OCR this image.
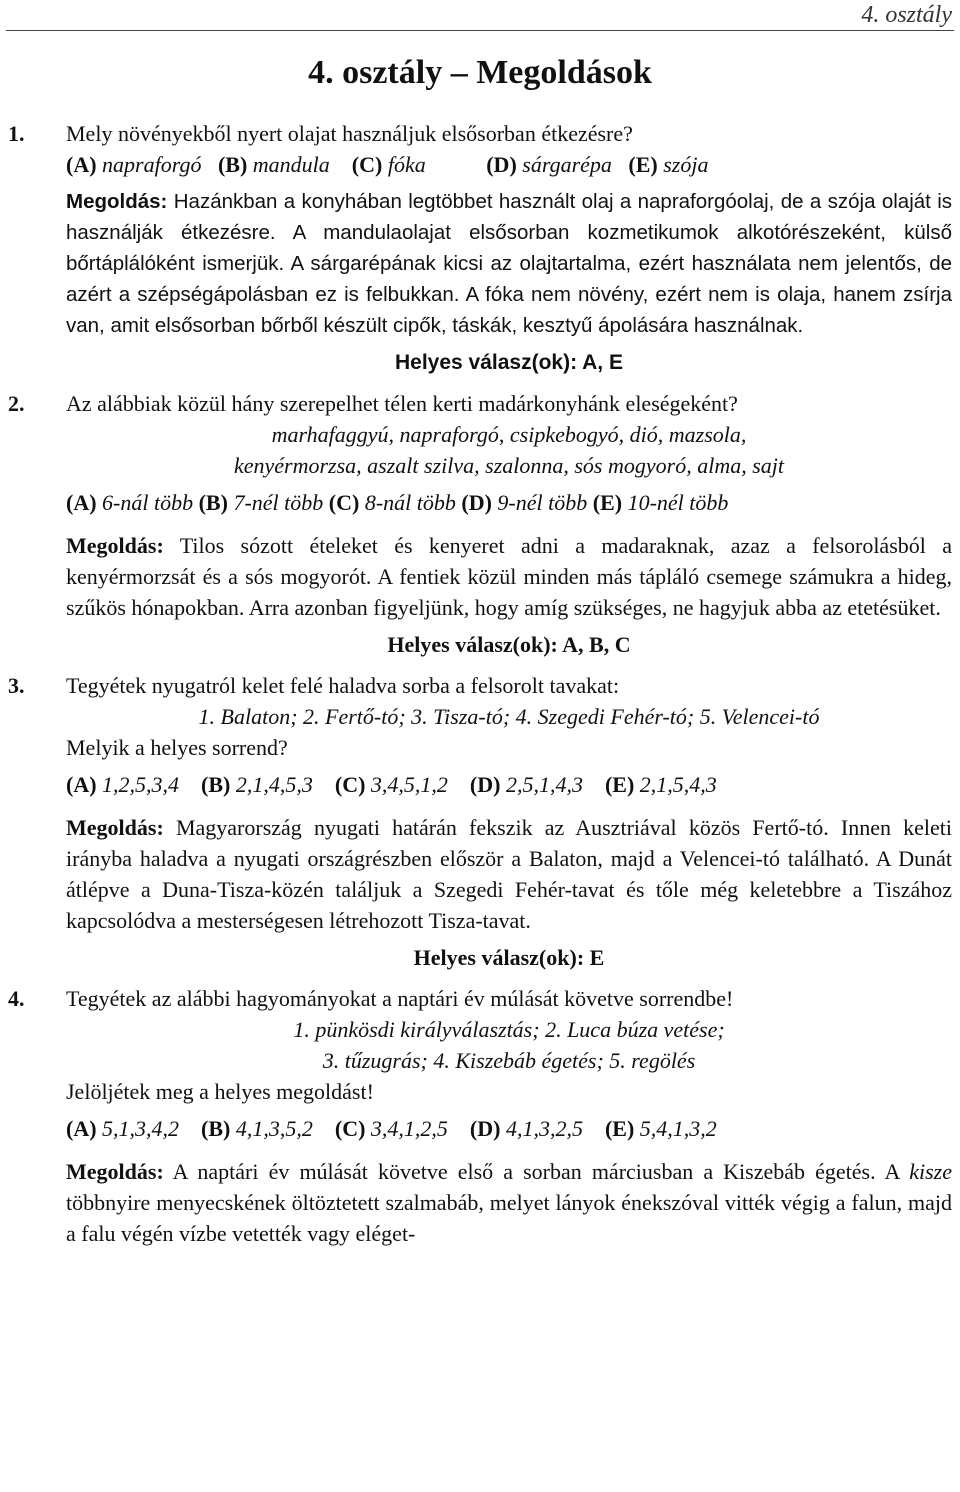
4. osztály
4. osztály – Megoldások
1.	Mely növényekből nyert olajat használjuk elsősorban étkezésre?
(A) napraforgó (B) mandula (C) fóka	(D) sárgarépa (E) szója
Megoldás: Hazánkban a konyhában legtöbbet használt olaj a napraforgóolaj, de a szója olaját is használják étkezésre. A mandulaolajat elsősorban kozmetikumok alkotórészeként, külső bőrtáplálóként ismerjük. A sárgarépának kicsi az olajtartalma, ezért használata nem jelentős, de azért a szépségápolásban ez is felbukkan. A fóka nem növény, ezért nem is olaja, hanem zsírja van, amit elsősorban bőrből készült cipők, táskák, kesztyű ápolására használnak.
Helyes válasz(ok): A, E
2.	Az alábbiak közül hány szerepelhet télen kerti madárkonyhánk eleségeként?
marhafaggyú, napraforgó, csipkebogyó, dió, mazsola,
kenyérmorzsa, aszalt szilva, szalonna, sós mogyoró, alma, sajt
(A) 6-nál több (B) 7-nél több (C) 8-nál több (D) 9-nél több (E) 10-nél több
Megoldás: Tilos sózott ételeket és kenyeret adni a madaraknak, azaz a felsorolásból a kenyérmorzsát és a sós mogyorót. A fentiek közül minden más tápláló csemege számukra a hideg, szűkös hónapokban. Arra azonban figyeljünk, hogy amíg szükséges, ne hagyjuk abba az etetésüket.
Helyes válasz(ok): A, B, C
3.	Tegyétek nyugatról kelet felé haladva sorba a felsorolt tavakat:
1. Balaton; 2. Fertő-tó; 3. Tisza-tó; 4. Szegedi Fehér-tó; 5. Velencei-tó
Melyik a helyes sorrend?
(A) 1,2,5,3,4 (B) 2,1,4,5,3 (C) 3,4,5,1,2 (D) 2,5,1,4,3 (E) 2,1,5,4,3
Megoldás: Magyarország nyugati határán fekszik az Ausztriával közös Fertő-tó. Innen keleti irányba haladva a nyugati országrészben először a Balaton, majd a Velencei-tó található. A Dunát átlépve a Duna-Tisza-közén találjuk a Szegedi Fehér-tavat és tőle még keletebbre a Tiszához kapcsolódva a mesterségesen létrehozott Tisza-tavat.
Helyes válasz(ok): E
4.	Tegyétek az alábbi hagyományokat a naptári év múlását követve sorrendbe!
1. pünkösdi királyválasztás; 2. Luca búza vetése;
3. tűzugrás; 4. Kiszebáb égetés; 5. regölés
Jelöljétek meg a helyes megoldást!
(A) 5,1,3,4,2 (B) 4,1,3,5,2 (C) 3,4,1,2,5 (D) 4,1,3,2,5 (E) 5,4,1,3,2
Megoldás: A naptári év múlását követve első a sorban márciusban a Kiszebáb égetés. A kisze többnyire menyecskének öltöztetett szalmabáb, melyet lányok énekszóval vitték végig a falun, majd a falu végén vízbe vetették vagy eléget-
